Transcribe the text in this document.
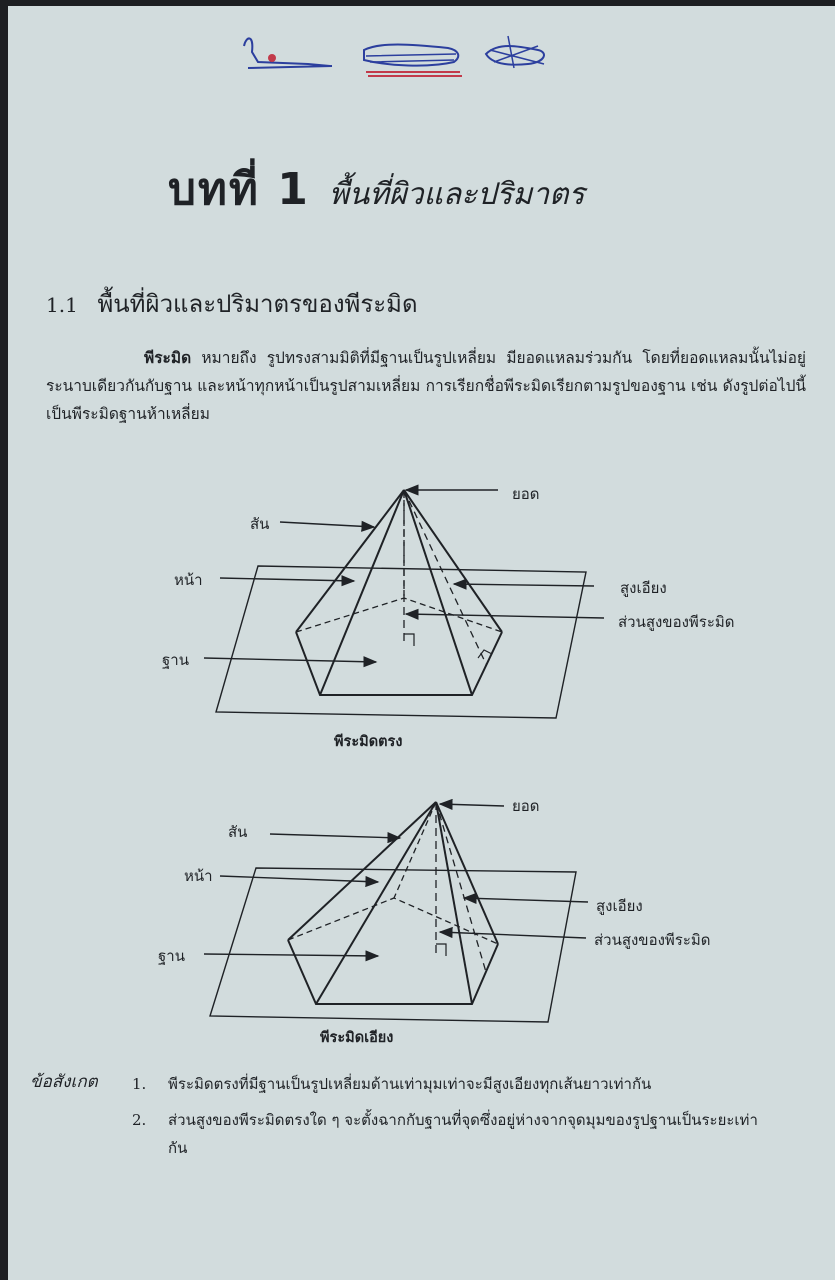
บทที่ 1 พื้นที่ผิวและปริมาตร
1.1 พื้นที่ผิวและปริมาตรของพีระมิด
พีระมิด หมายถึง รูปทรงสามมิติที่มีฐานเป็นรูปเหลี่ยม มียอดแหลมร่วมกัน โดยที่ยอดแหลมนั้นไม่อยู่ระนาบเดียวกันกับฐาน และหน้าทุกหน้าเป็นรูปสามเหลี่ยม การเรียกชื่อพีระมิดเรียกตามรูปของฐาน เช่น ดังรูปต่อไปนี้เป็นพีระมิดฐานห้าเหลี่ยม
ยอด
สัน
หน้า	สูงเอียง
ส่วนสูงของพีระมิด
ฐาน
พีระมิดตรง
ยอด
สัน
หน้า
สูงเอียง
ส่วนสูงของพีระมิด
ฐาน
พีระมิดเอียง
ข้อสังเกต 1. พีระมิดตรงที่มีฐานเป็นรูปเหลี่ยมด้านเท่ามุมเท่าจะมีสูงเอียงทุกเส้นยาวเท่ากัน
2. ส่วนสูงของพีระมิดตรงใด ๆ จะตั้งฉากกับฐานที่จุดซึ่งอยู่ห่างจากจุดมุมของรูปฐานเป็นระยะเท่ากัน
